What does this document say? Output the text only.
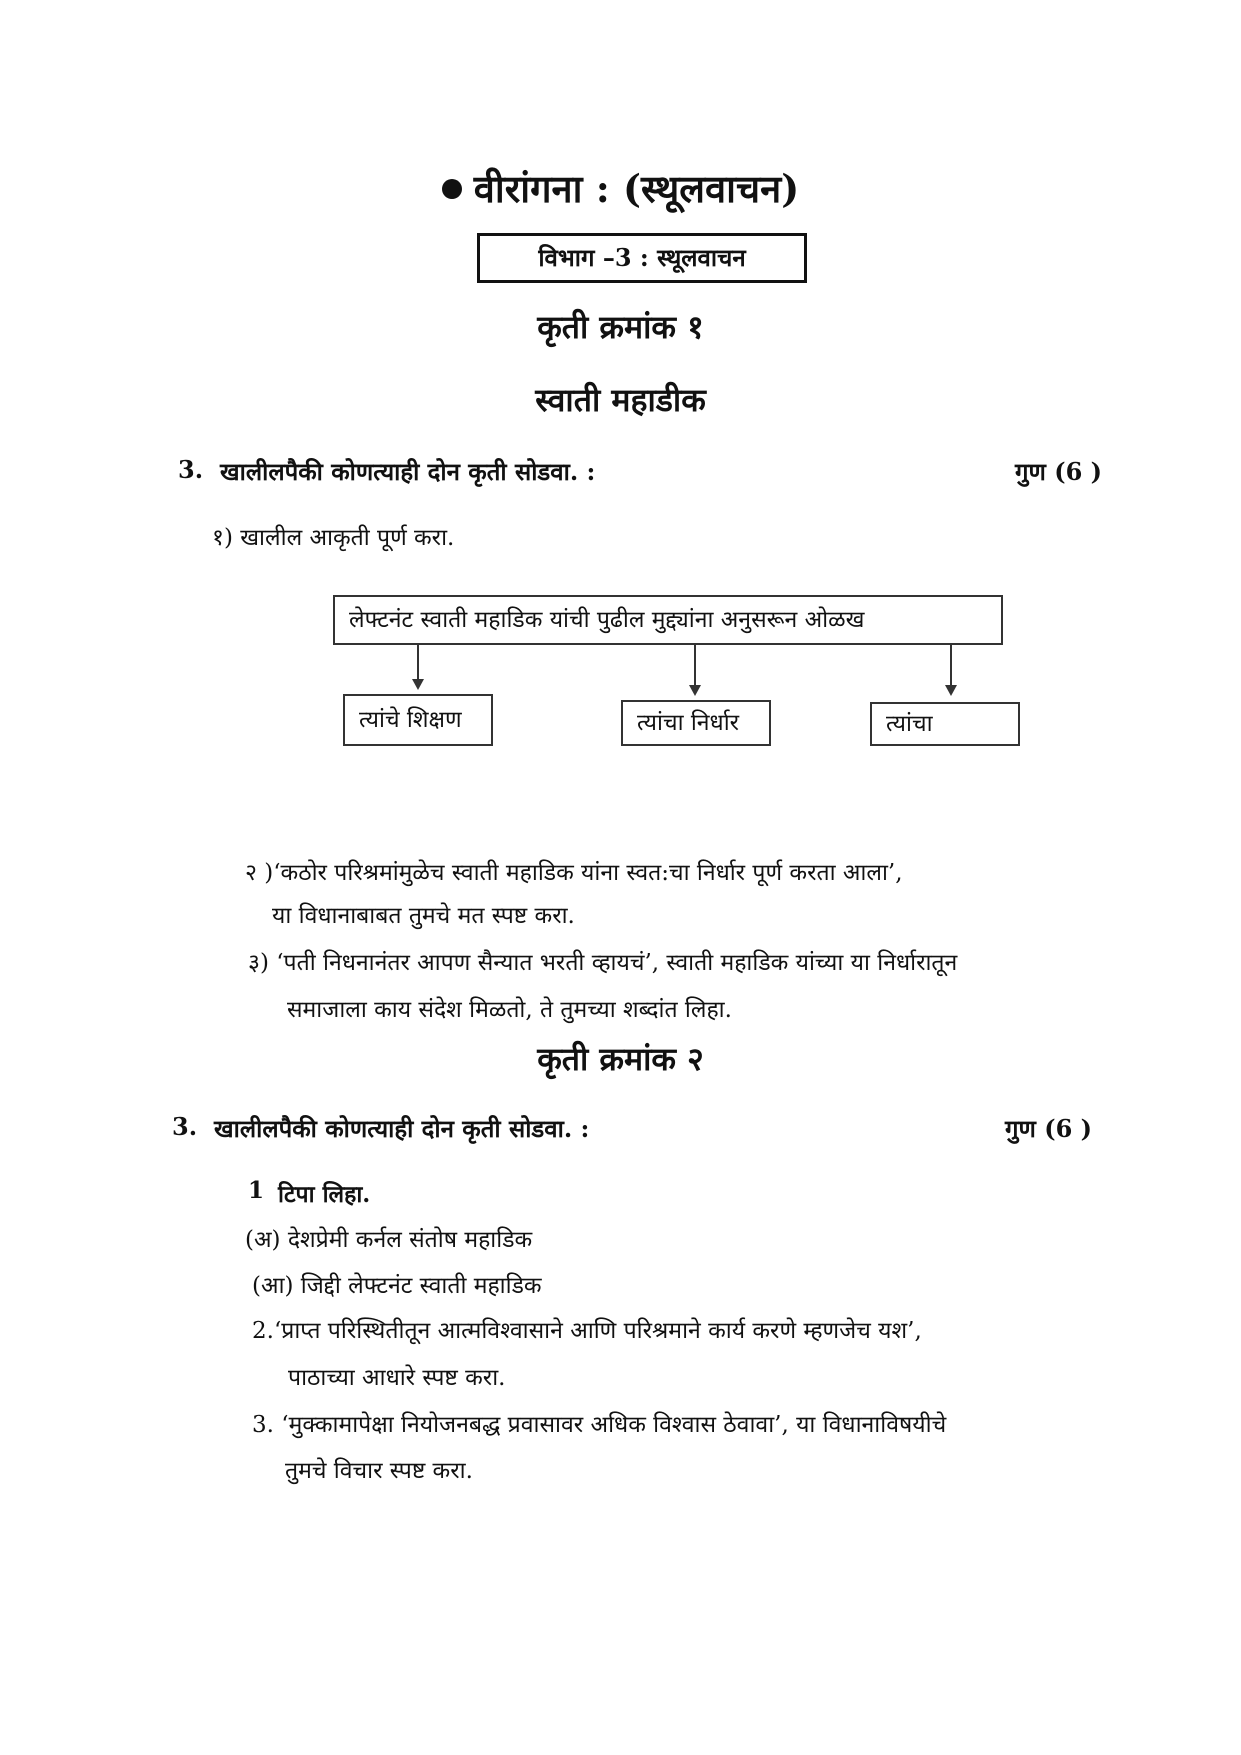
वीरांगना : (स्थूलवाचन)
विभाग –3 : स्थूलवाचन
कृती क्रमांक १
स्वाती महाडीक
3. खालीलपैकी कोणत्याही दोन कृती सोडवा. :	गुण (6 )
१) खालील आकृती पूर्ण करा.
लेफ्टनंट स्वाती महाडिक यांची पुढील मुद्द्यांना अनुसरून ओळख
त्यांचे शिक्षण	त्यांचा निर्धार	त्यांचा
२ )‘कठोर परिश्रमांमुळेच स्वाती महाडिक यांना स्वत:चा निर्धार पूर्ण करता आला’,
या विधानाबाबत तुमचे मत स्पष्ट करा.
३) ‘पती निधनानंतर आपण सैन्यात भरती व्हायचं’, स्वाती महाडिक यांच्या या निर्धारातून
समाजाला काय संदेश मिळतो, ते तुमच्या शब्दांत लिहा.
कृती क्रमांक २
3. खालीलपैकी कोणत्याही दोन कृती सोडवा. :	गुण (6 )
1 टिपा लिहा.
(अ) देशप्रेमी कर्नल संतोष महाडिक
(आ) जिद्दी लेफ्टनंट स्वाती महाडिक
2.‘प्राप्त परिस्थितीतून आत्मविश्वासाने आणि परिश्रमाने कार्य करणे म्हणजेच यश’,
पाठाच्या आधारे स्पष्ट करा.
3. ‘मुक्कामापेक्षा नियोजनबद्ध प्रवासावर अधिक विश्वास ठेवावा’, या विधानाविषयीचे
तुमचे विचार स्पष्ट करा.
